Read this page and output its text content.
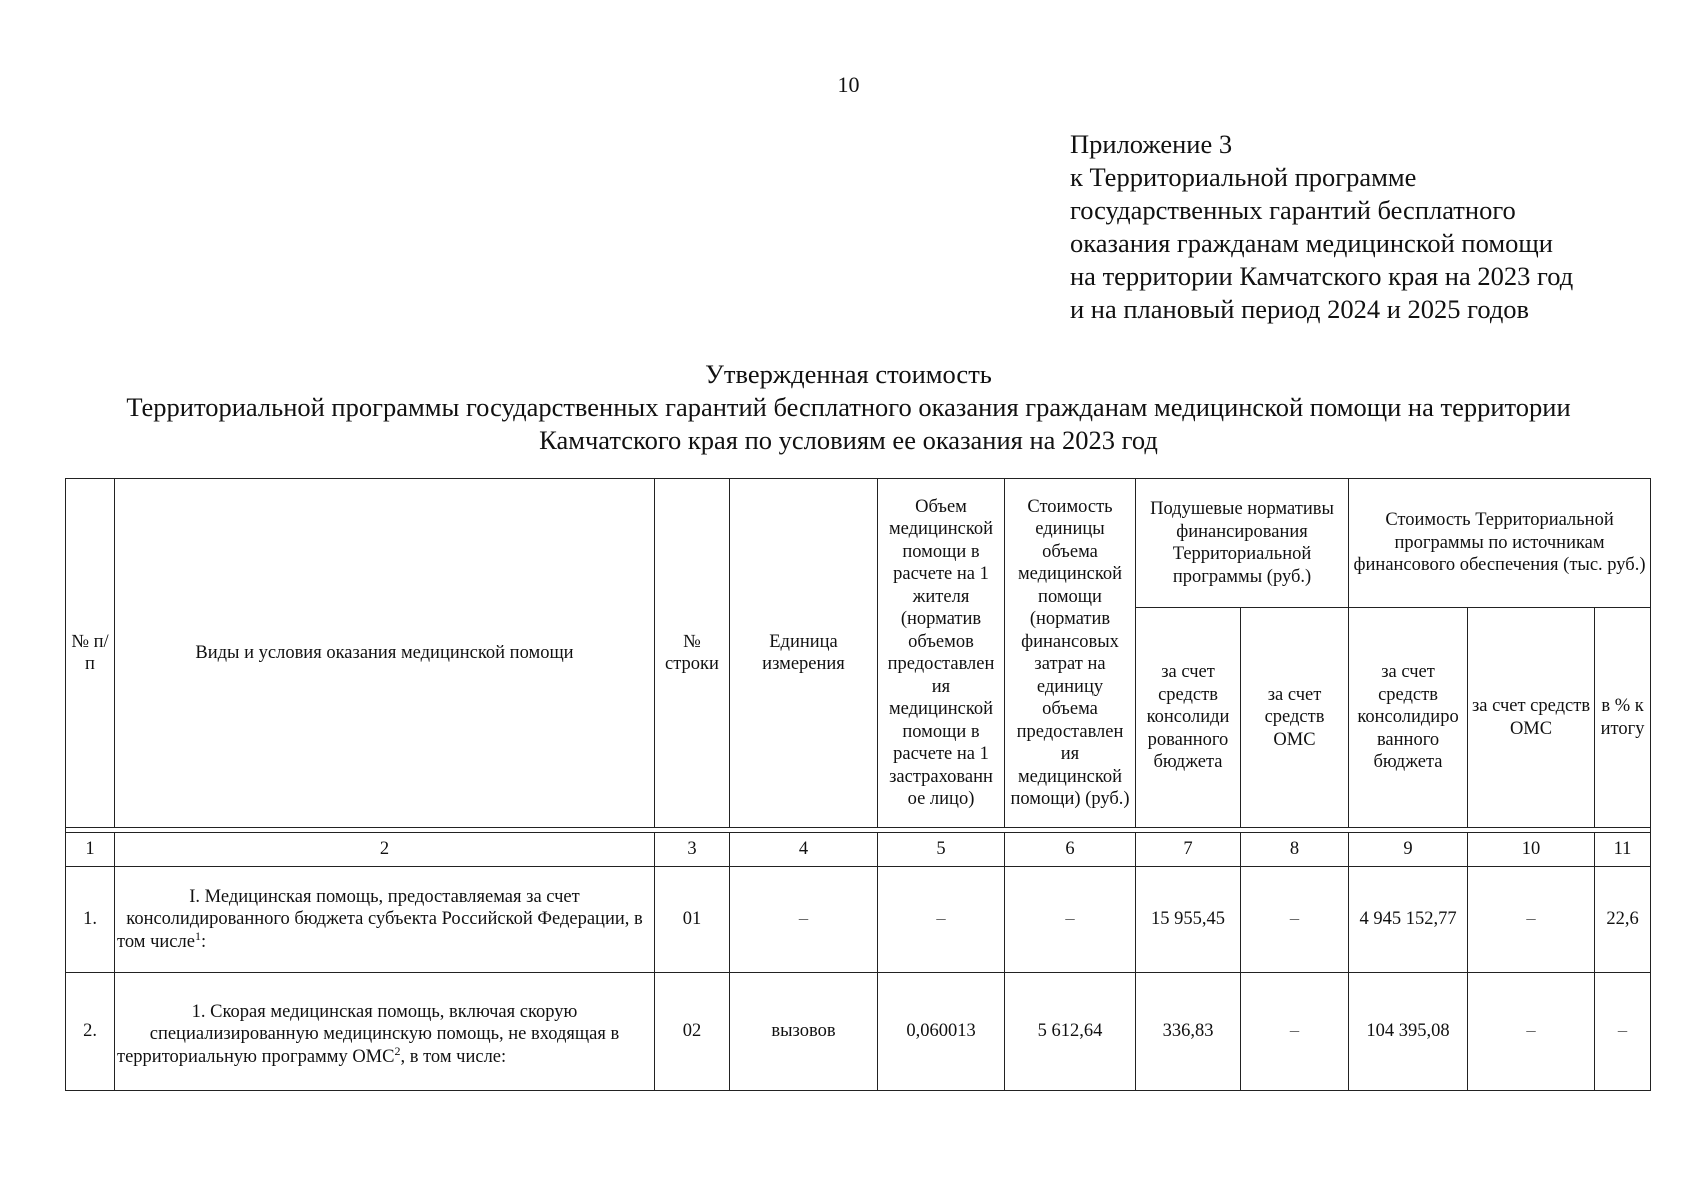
10
Приложение 3
к Территориальной программе
государственных гарантий бесплатного
оказания гражданам медицинской помощи
на территории Камчатского края на 2023 год
и на плановый период 2024 и 2025 годов
Утвержденная стоимость
Территориальной программы государственных гарантий бесплатного оказания гражданам медицинской помощи на территории
Камчатского края по условиям ее оказания на 2023 год
№ п/п	Виды и условия оказания медицинской помощи	№ строки	Единица измерения	Объем медицинской помощи в расчете на 1 жителя (норматив объемов предоставлен ия медицинской помощи в расчете на 1 застрахованн ое лицо)	Стоимость единицы объема медицинской помощи (норматив финансовых затрат на единицу объема предоставлен ия медицинской помощи) (руб.)	Подушевые нормативы финансирования Территориальной программы (руб.)		Стоимость Территориальной программы по источникам финансового обеспечения (тыс. руб.)		
						за счет средств консолиди рованного бюджета	за счет средств ОМС	за счет средств консолидиро ванного бюджета	за счет средств ОМС	в % к итогу

1	2	3	4	5	6	7	8	9	10	11
1.	I. Медицинская помощь, предоставляемая за счет консолидированного бюджета субъекта Российской Федерации, в том числе$^1$:	01	–	–	–	15 955,45	–	4 945 152,77	–	22,6
2.	1. Скорая медицинская помощь, включая скорую специализированную медицинскую помощь, не входящая в территориальную программу ОМС$^2$, в том числе:	02	вызовов	0,060013	5 612,64	336,83	–	104 395,08	–	–
